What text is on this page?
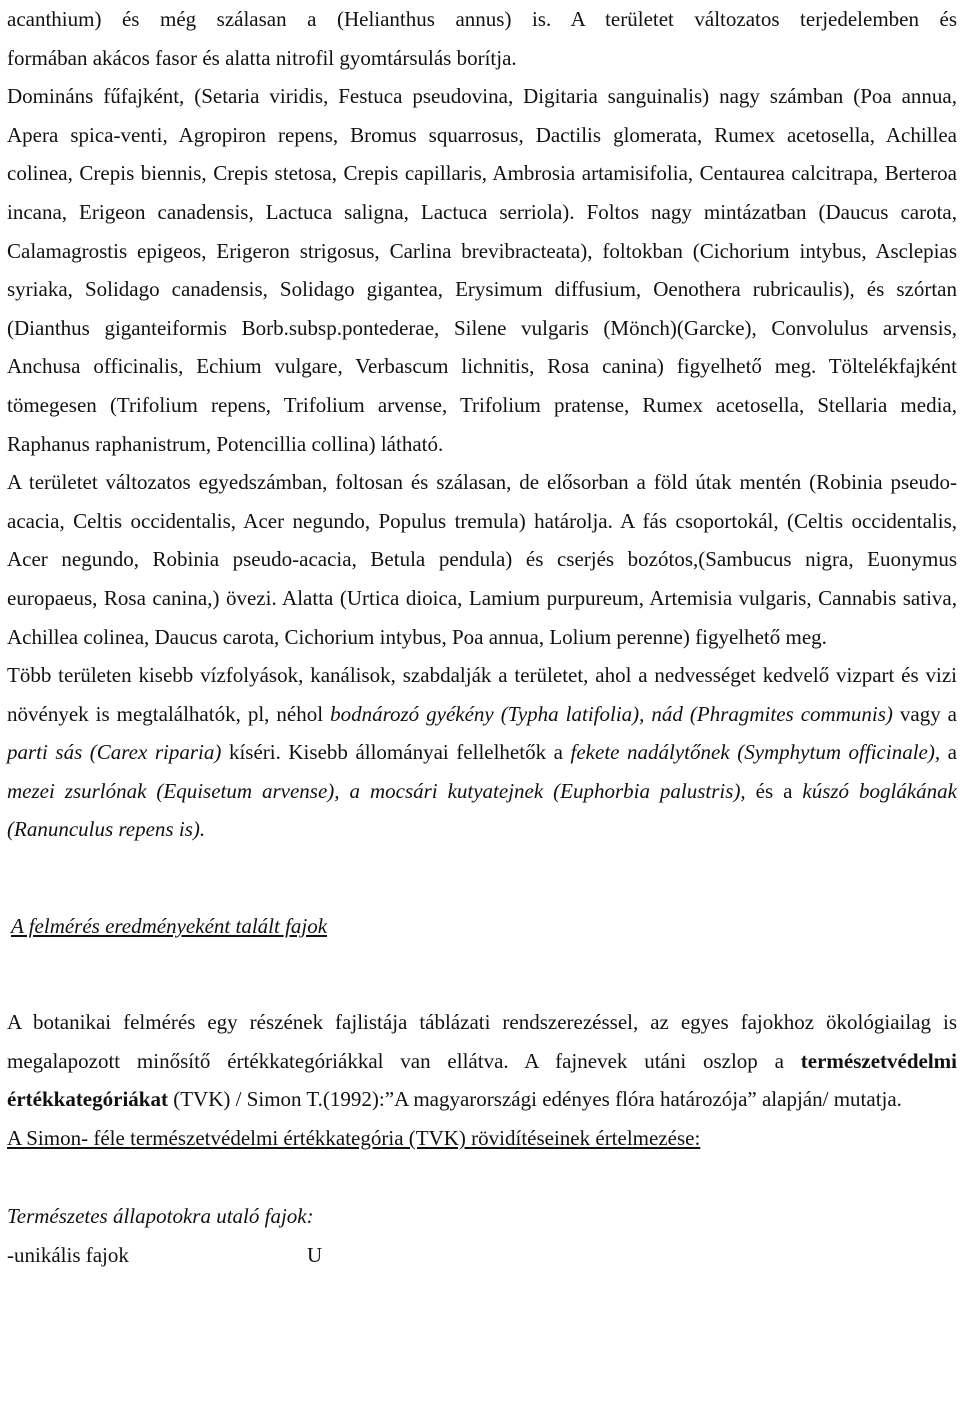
acanthium) és még szálasan a (Helianthus annus) is. A területet változatos terjedelemben és

formában akácos fasor és alatta nitrofil gyomtársulás borítja.

Domináns fűfajként, (Setaria viridis, Festuca pseudovina, Digitaria sanguinalis) nagy számban (Poa annua, Apera spica-venti, Agropiron repens, Bromus squarrosus, Dactilis glomerata, Rumex acetosella, Achillea colinea, Crepis biennis, Crepis stetosa, Crepis capillaris, Ambrosia artamisifolia, Centaurea calcitrapa, Berteroa incana, Erigeon canadensis, Lactuca saligna, Lactuca serriola). Foltos nagy mintázatban (Daucus carota, Calamagrostis epigeos, Erigeron strigosus, Carlina brevibracteata), foltokban (Cichorium intybus, Asclepias syriaka, Solidago canadensis, Solidago gigantea, Erysimum diffusium, Oenothera rubricaulis), és szórtan (Dianthus giganteiformis Borb.subsp.pontederae, Silene vulgaris (Mönch)(Garcke), Convolulus arvensis, Anchusa officinalis, Echium vulgare, Verbascum lichnitis, Rosa canina) figyelhető meg. Töltelékfajként tömegesen (Trifolium repens, Trifolium arvense, Trifolium pratense, Rumex acetosella, Stellaria media, Raphanus raphanistrum, Potencillia collina) látható.

A területet változatos egyedszámban, foltosan és szálasan, de elősorban a föld útak mentén (Robinia pseudo-acacia, Celtis occidentalis, Acer negundo, Populus tremula) határolja. A fás csoportokál, (Celtis occidentalis, Acer negundo, Robinia pseudo-acacia, Betula pendula) és cserjés bozótos,(Sambucus nigra, Euonymus europaeus, Rosa canina,) övezi. Alatta (Urtica dioica, Lamium purpureum, Artemisia vulgaris, Cannabis sativa, Achillea colinea, Daucus carota, Cichorium intybus, Poa annua, Lolium perenne) figyelhető meg.

Több területen kisebb vízfolyások, kanálisok, szabdalják a területet, ahol a nedvességet kedvelő vizpart és vizi növények is megtalálhatók, pl, néhol bodnározó gyékény (Typha latifolia), nád (Phragmites communis) vagy a parti sás (Carex riparia) kíséri. Kisebb állományai fellelhetők a fekete nadálytőnek (Symphytum officinale), a mezei zsurlónak (Equisetum arvense), a mocsári kutyatejnek (Euphorbia palustris), és a kúszó boglákának (Ranunculus repens is).

A felmérés eredményeként talált fajok

A botanikai felmérés egy részének fajlistája táblázati rendszerezéssel, az egyes fajokhoz ökológiailag is megalapozott minősítő értékkategóriákkal van ellátva. A fajnevek utáni oszlop a természetvédelmi értékkategóriákat (TVK) / Simon T.(1992):”A magyarországi edényes flóra határozója” alapján/ mutatja.

A Simon- féle természetvédelmi értékkategória (TVK) rövidítéseinek értelmezése:

Természetes állapotokra utaló fajok:

-unikális fajok	U
